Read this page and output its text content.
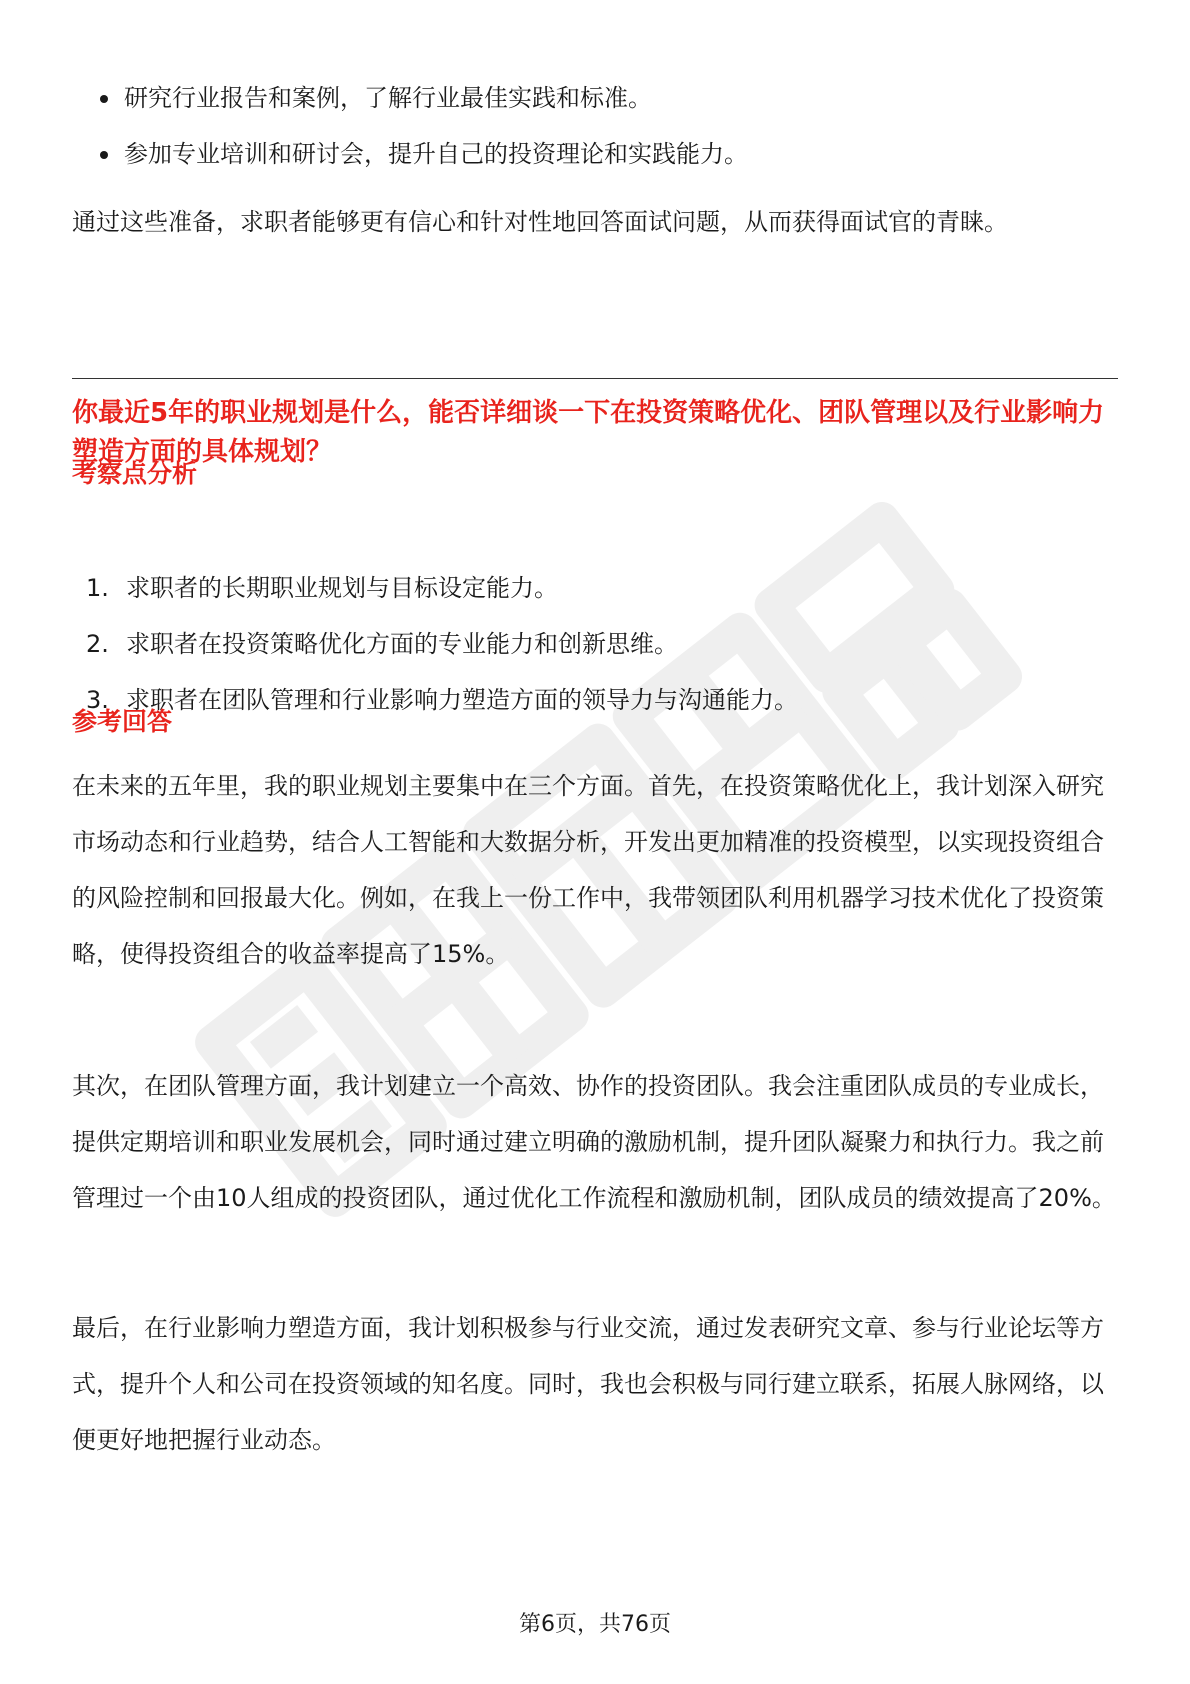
研究行业报告和案例，了解行业最佳实践和标准。
参加专业培训和研讨会，提升自己的投资理论和实践能力。

通过这些准备，求职者能够更有信心和针对性地回答面试问题，从而获得面试官的青睐。

你最近5年的职业规划是什么，能否详细谈一下在投资策略优化、团队管理以及行业影响力塑造方面的具体规划？
考察点分析
1. 求职者的长期职业规划与目标设定能力。
2. 求职者在投资策略优化方面的专业能力和创新思维。
3. 求职者在团队管理和行业影响力塑造方面的领导力与沟通能力。
参考回答

在未来的五年里，我的职业规划主要集中在三个方面。首先，在投资策略优化上，我计划深入研究市场动态和行业趋势，结合人工智能和大数据分析，开发出更加精准的投资模型，以实现投资组合的风险控制和回报最大化。例如，在我上一份工作中，我带领团队利用机器学习技术优化了投资策略，使得投资组合的收益率提高了15%。

其次，在团队管理方面，我计划建立一个高效、协作的投资团队。我会注重团队成员的专业成长，提供定期培训和职业发展机会，同时通过建立明确的激励机制，提升团队凝聚力和执行力。我之前管理过一个由10人组成的投资团队，通过优化工作流程和激励机制，团队成员的绩效提高了20%。

最后，在行业影响力塑造方面，我计划积极参与行业交流，通过发表研究文章、参与行业论坛等方式，提升个人和公司在投资领域的知名度。同时，我也会积极与同行建立联系，拓展人脉网络，以便更好地把握行业动态。

第6页，共76页
